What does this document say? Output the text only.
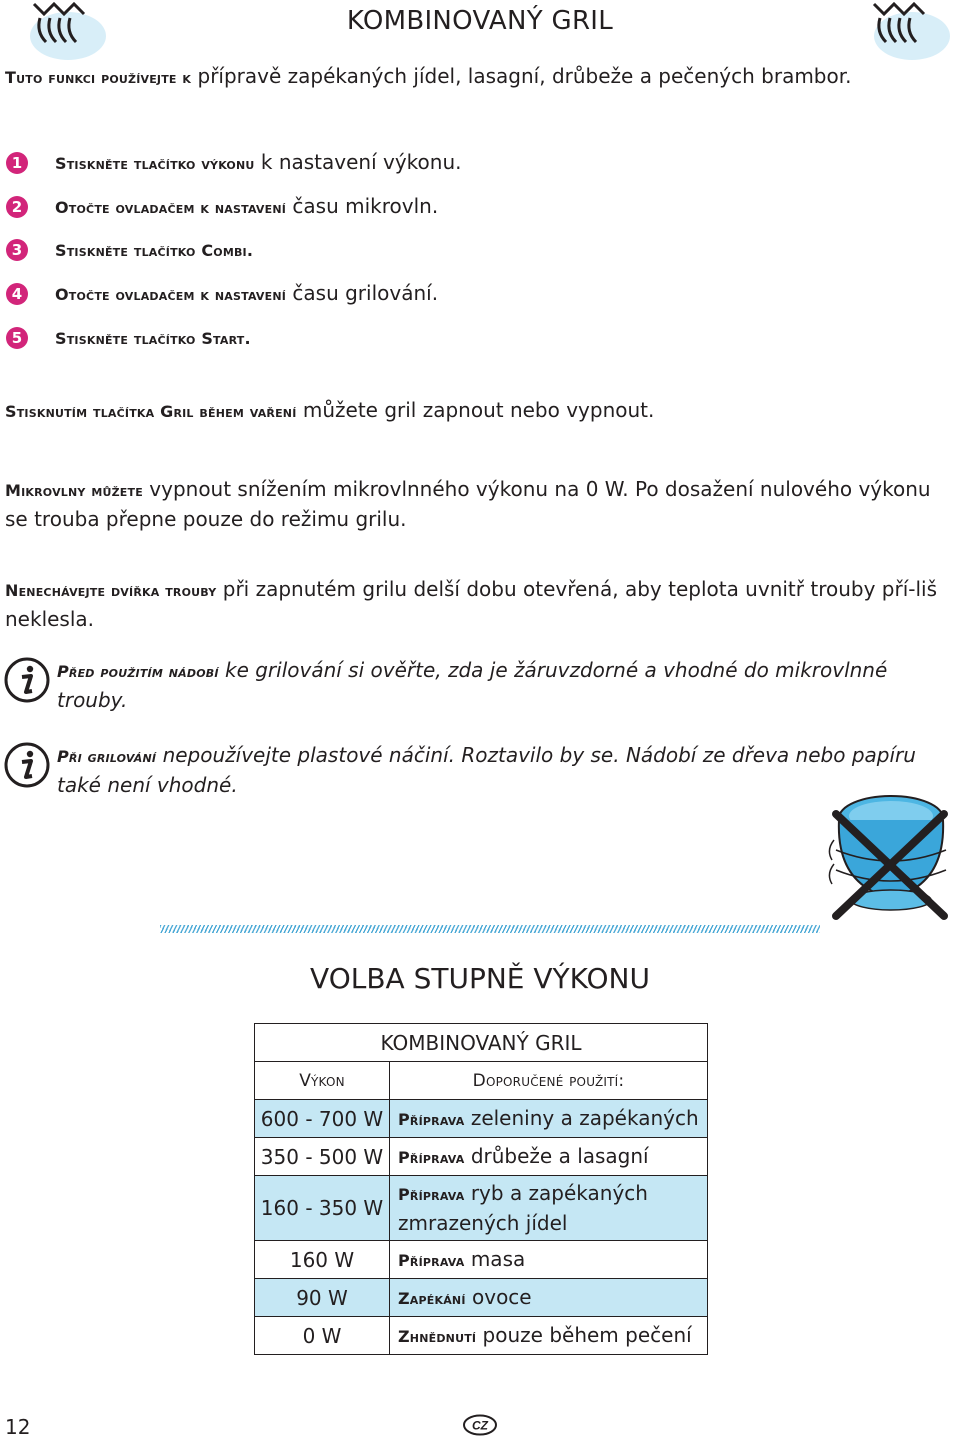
KOMBINOVANÝ GRIL
Tuto funkci používejte k přípravě zapékaných jídel, lasagní, drůbeže a pečených brambor.
1	Stiskněte tlačítko výkonu k nastavení výkonu.
2	Otočte ovladačem k nastavení času mikrovln.
3	Stiskněte tlačítko Combi.
4	Otočte ovladačem k nastavení času grilování.
5	Stiskněte tlačítko Start.
Stisknutím tlačítka Gril během vaření můžete gril zapnout nebo vypnout.
Mikrovlny můžete vypnout snížením mikrovlnného výkonu na 0 W. Po dosažení nulového výkonu se trouba přepne pouze do režimu grilu.
Nenechávejte dvířka trouby při zapnutém grilu delší dobu otevřená, aby teplota uvnitř trouby pří-liš neklesla.
Před použitím nádobí ke grilování si ověřte, zda je žáruvzdorné a vhodné do mikrovlnné trouby.
Při grilování nepoužívejte plastové náčiní. Roztavilo by se. Nádobí ze dřeva nebo papíru také není vhodné.
VOLBA STUPNĚ VÝKONU
KOMBINOVANÝ GRIL	
Výkon	Doporučené použití:
600 - 700 W	Příprava zeleniny a zapékaných
350 - 500 W	Příprava drůbeže a lasagní
160 - 350 W	Příprava ryb a zapékaných zmrazených jídel
160 W	Příprava masa
90 W	Zapékání ovoce
0 W	Zhnědnutí pouze během pečení
12	CZ
